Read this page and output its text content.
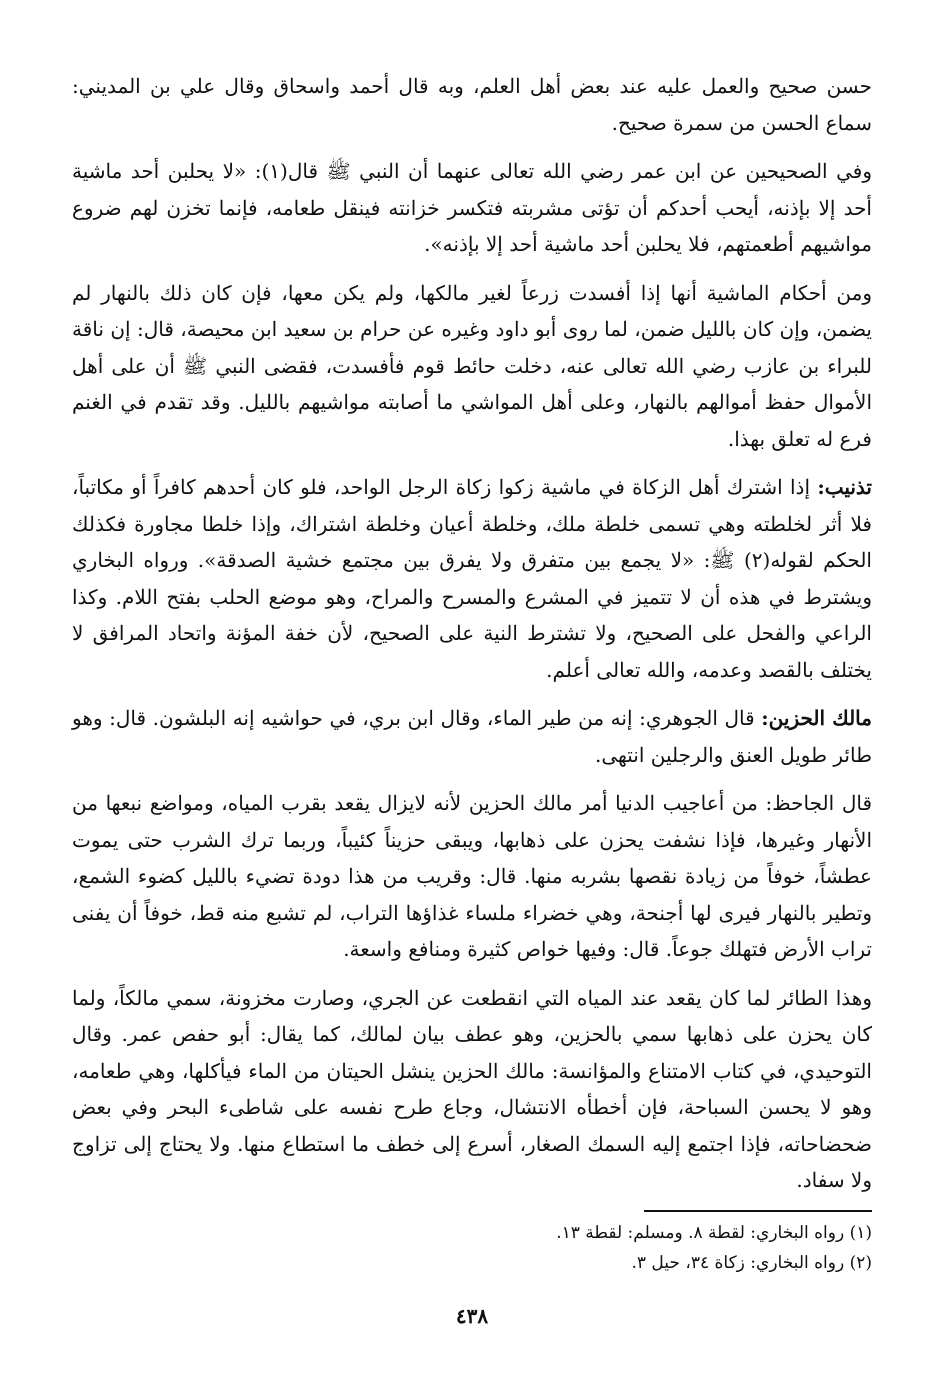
حسن صحيح والعمل عليه عند بعض أهل العلم، وبه قال أحمد واسحاق وقال علي بن المديني: سماع الحسن من سمرة صحيح.

وفي الصحيحين عن ابن عمر رضي الله تعالى عنهما أن النبي ﷺ قال(١): «لا يحلبن أحد ماشية أحد إلا بإذنه، أيحب أحدكم أن تؤتى مشربته فتكسر خزانته فينقل طعامه، فإنما تخزن لهم ضروع مواشيهم أطعمتهم، فلا يحلبن أحد ماشية أحد إلا بإذنه».

ومن أحكام الماشية أنها إذا أفسدت زرعاً لغير مالكها، ولم يكن معها، فإن كان ذلك بالنهار لم يضمن، وإن كان بالليل ضمن، لما روى أبو داود وغيره عن حرام بن سعيد ابن محيصة، قال: إن ناقة للبراء بن عازب رضي الله تعالى عنه، دخلت حائط قوم فأفسدت، فقضى النبي ﷺ أن على أهل الأموال حفظ أموالهم بالنهار، وعلى أهل المواشي ما أصابته مواشيهم بالليل. وقد تقدم في الغنم فرع له تعلق بهذا.

تذنيب: إذا اشترك أهل الزكاة في ماشية زكوا زكاة الرجل الواحد، فلو كان أحدهم كافراً أو مكاتباً، فلا أثر لخلطته وهي تسمى خلطة ملك، وخلطة أعيان وخلطة اشتراك، وإذا خلطا مجاورة فكذلك الحكم لقوله(٢) ﷺ: «لا يجمع بين متفرق ولا يفرق بين مجتمع خشية الصدقة». ورواه البخاري ويشترط في هذه أن لا تتميز في المشرع والمسرح والمراح، وهو موضع الحلب بفتح اللام. وكذا الراعي والفحل على الصحيح، ولا تشترط النية على الصحيح، لأن خفة المؤنة واتحاد المرافق لا يختلف بالقصد وعدمه، والله تعالى أعلم.

مالك الحزين: قال الجوهري: إنه من طير الماء، وقال ابن بري، في حواشيه إنه البلشون. قال: وهو طائر طويل العنق والرجلين انتهى.

قال الجاحظ: من أعاجيب الدنيا أمر مالك الحزين لأنه لايزال يقعد بقرب المياه، ومواضع نبعها من الأنهار وغيرها، فإذا نشفت يحزن على ذهابها، ويبقى حزيناً كئيباً، وربما ترك الشرب حتى يموت عطشاً، خوفاً من زيادة نقصها بشربه منها. قال: وقريب من هذا دودة تضيء بالليل كضوء الشمع، وتطير بالنهار فيرى لها أجنحة، وهي خضراء ملساء غذاؤها التراب، لم تشبع منه قط، خوفاً أن يفنى تراب الأرض فتهلك جوعاً. قال: وفيها خواص كثيرة ومنافع واسعة.

وهذا الطائر لما كان يقعد عند المياه التي انقطعت عن الجري، وصارت مخزونة، سمي مالكاً، ولما كان يحزن على ذهابها سمي بالحزين، وهو عطف بيان لمالك، كما يقال: أبو حفص عمر. وقال التوحيدي، في كتاب الامتناع والمؤانسة: مالك الحزين ينشل الحيتان من الماء فيأكلها، وهي طعامه، وهو لا يحسن السباحة، فإن أخطأه الانتشال، وجاع طرح نفسه على شاطىء البحر وفي بعض ضحضاحاته، فإذا اجتمع إليه السمك الصغار، أسرع إلى خطف ما استطاع منها. ولا يحتاج إلى تزاوج ولا سفاد.

(١) رواه البخاري: لقطة ٨. ومسلم: لقطة ١٣.

(٢) رواه البخاري: زكاة ٣٤، حيل ٣.

٤٣٨
